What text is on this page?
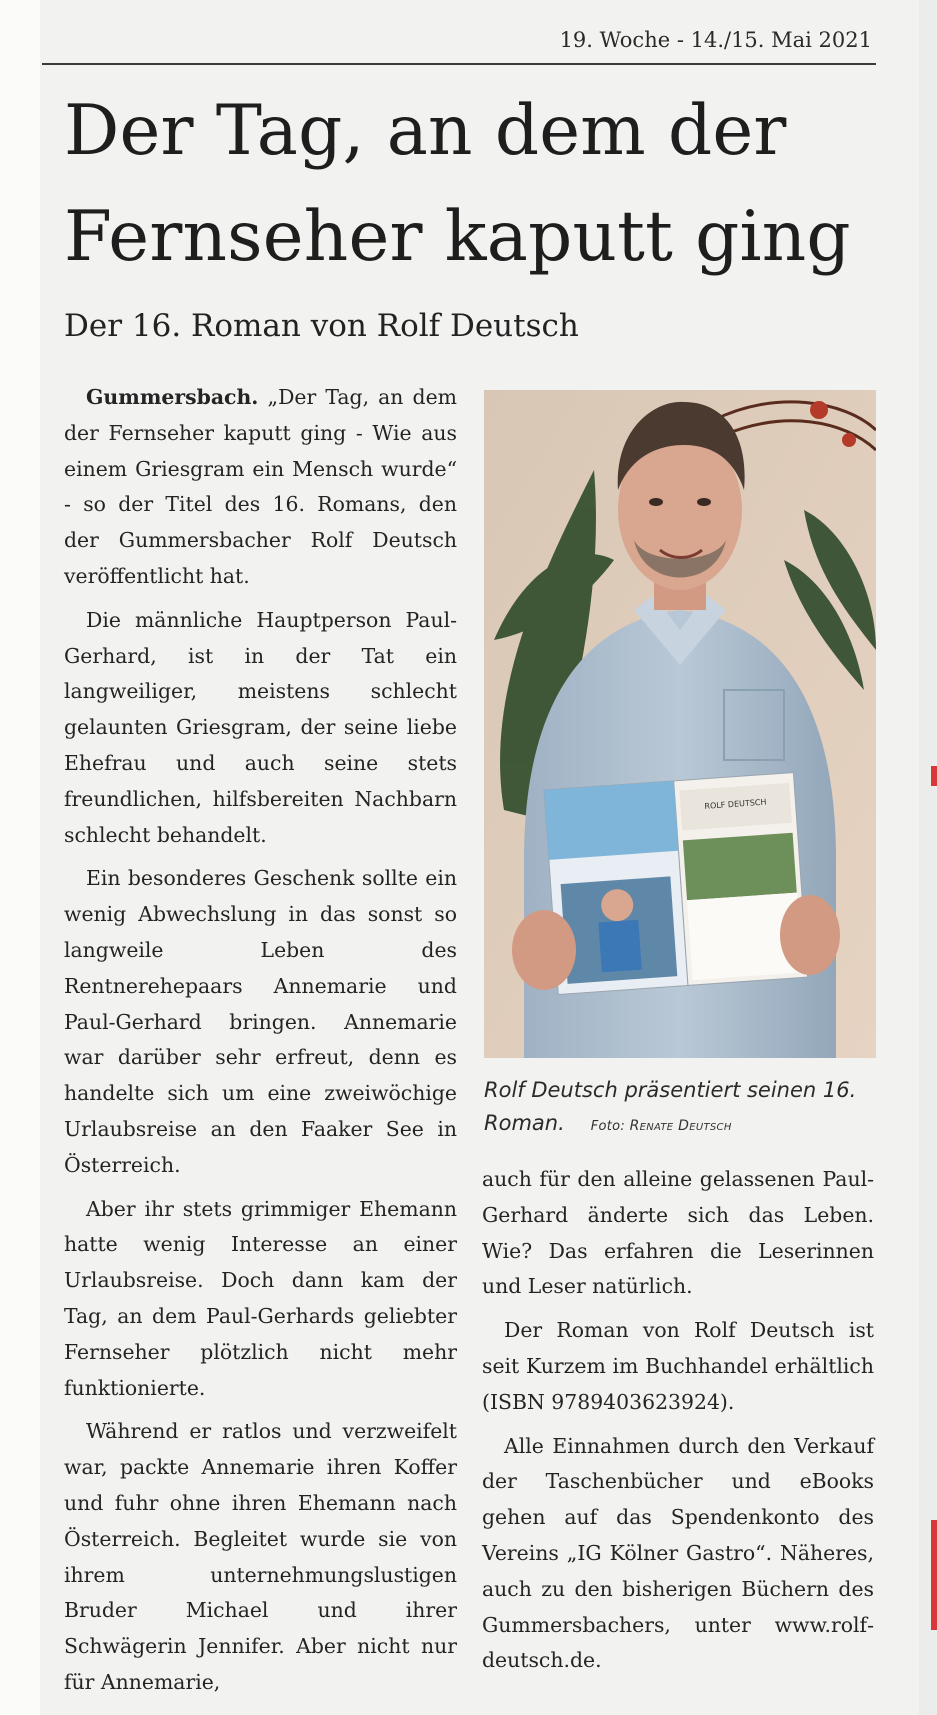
19. Woche - 14./15. Mai 2021
Der Tag, an dem der
Fernseher kaputt ging
Der 16. Roman von Rolf Deutsch

Gummersbach. „Der Tag, an dem der Fernseher kaputt ging - Wie aus einem Griesgram ein Mensch wurde“ - so der Titel des 16. Romans, den der Gummersbacher Rolf Deutsch veröffentlicht hat.

Die männliche Hauptperson Paul-Gerhard, ist in der Tat ein langweiliger, meistens schlecht gelaunten Griesgram, der seine liebe Ehefrau und auch seine stets freundlichen, hilfsbereiten Nachbarn schlecht behandelt.

Ein besonderes Geschenk sollte ein wenig Abwechslung in das sonst so langweile Leben des Rentnerehepaars Annemarie und Paul-Gerhard bringen. Annemarie war darüber sehr erfreut, denn es handelte sich um eine zweiwöchige Urlaubsreise an den Faaker See in Österreich.

Aber ihr stets grimmiger Ehemann hatte wenig Interesse an einer Urlaubsreise. Doch dann kam der Tag, an dem Paul-Gerhards geliebter Fernseher plötzlich nicht mehr funktionierte.

Während er ratlos und verzweifelt war, packte Annemarie ihren Koffer und fuhr ohne ihren Ehemann nach Österreich. Begleitet wurde sie von ihrem unternehmungslustigen Bruder Michael und ihrer Schwägerin Jennifer. Aber nicht nur für Annemarie,

ROLF DEUTSCH
Rolf Deutsch präsentiert seinen 16. Roman. Foto: Renate Deutsch

auch für den alleine gelassenen Paul-Gerhard änderte sich das Leben. Wie? Das erfahren die Leserinnen und Leser natürlich.

Der Roman von Rolf Deutsch ist seit Kurzem im Buchhandel erhältlich (ISBN 9789403623924).

Alle Einnahmen durch den Verkauf der Taschenbücher und eBooks gehen auf das Spendenkonto des Vereins „IG Kölner Gastro“. Näheres, auch zu den bisherigen Büchern des Gummersbachers, unter www.rolfdeutsch.de.
